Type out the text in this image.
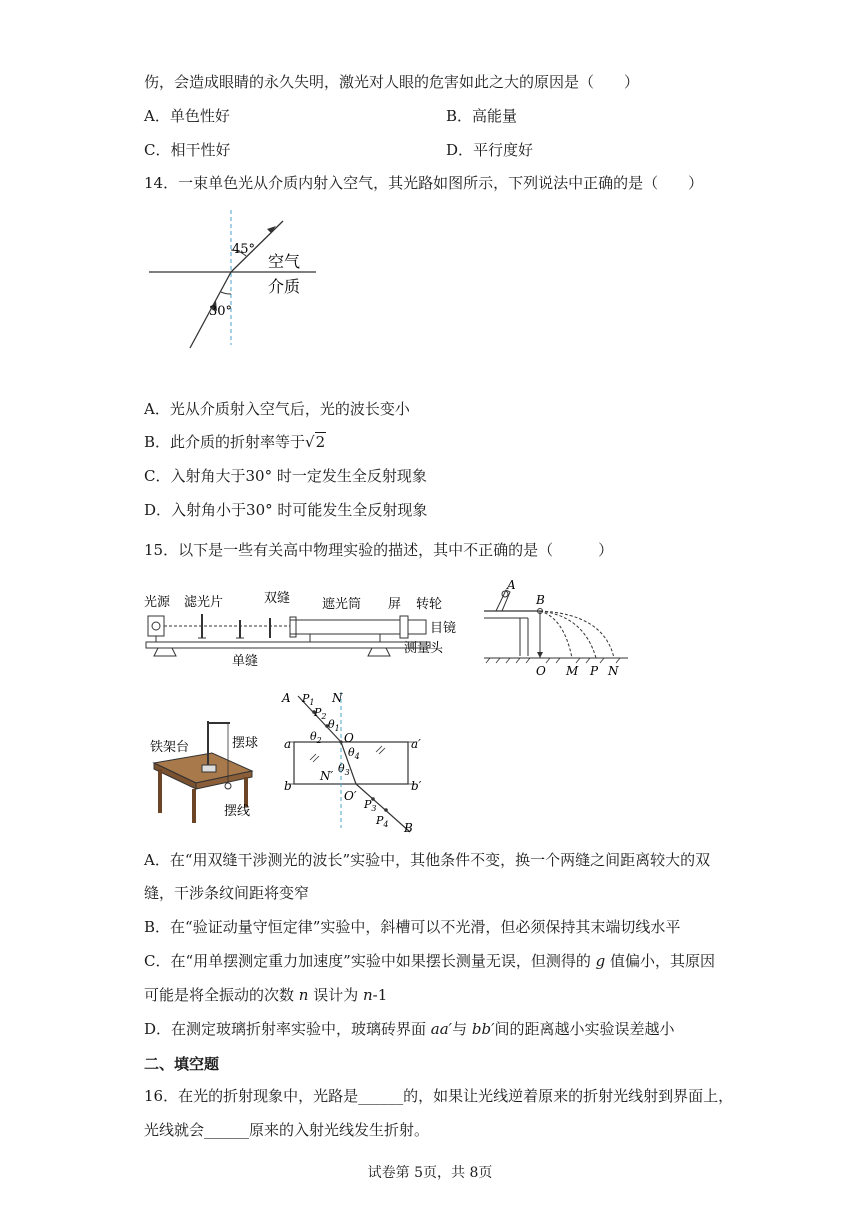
伤，会造成眼睛的永久失明，激光对人眼的危害如此之大的原因是（　　）
A．单色性好	B．高能量
C．相干性好	D．平行度好
14．一束单色光从介质内射入空气，其光路如图所示，下列说法中正确的是（　　）
45°
30°
空气
介质
A．光从介质射入空气后，光的波长变小
B．此介质的折射率等于√2
C．入射角大于30° 时一定发生全反射现象
D．入射角小于30° 时可能发生全反射现象
15．以下是一些有关高中物理实验的描述，其中不正确的是（　　　）
光源 滤光片	双缝 遮光筒 屏 转轮
目镜
单缝
测量头
A
B
O M P N
铁架台	摆球
摆线
A
B
N
N′
O
O′
a	a′
b	b′
$P_1$
$P_2$
$P_3$
$P_4$
$\theta_1$
$\theta_2$
$\theta_3$
$\theta_4$
A．在“用双缝干涉测光的波长”实验中，其他条件不变，换一个两缝之间距离较大的双
缝，干涉条纹间距将变窄
B．在“验证动量守恒定律”实验中，斜槽可以不光滑，但必须保持其末端切线水平
C．在“用单摆测定重力加速度”实验中如果摆长测量无误，但测得的 g 值偏小，其原因
可能是将全振动的次数 n 误计为 n-1
D．在测定玻璃折射率实验中，玻璃砖界面 aa′与 bb′间的距离越小实验误差越小
二、填空题
16．在光的折射现象中，光路是______的，如果让光线逆着原来的折射光线射到界面上，
光线就会______原来的入射光线发生折射。
试卷第 5页，共 8页
